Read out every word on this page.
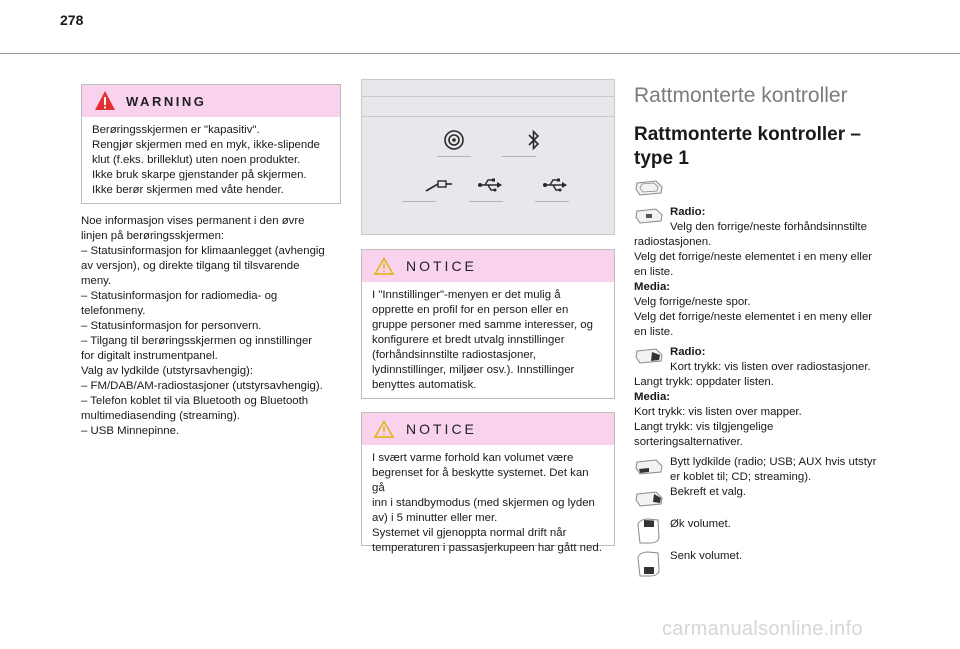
278
WARNING

Berøringsskjermen er "kapasitiv".

Rengjør skjermen med en myk, ikke-slipende

klut (f.eks. brilleklut) uten noen produkter.

Ikke bruk skarpe gjenstander på skjermen.

Ikke berør skjermen med våte hender.

Noe informasjon vises permanent i den øvre

linjen på berøringsskjermen:

– Statusinformasjon for klimaanlegget (avhengig

av versjon), og direkte tilgang til tilsvarende

meny.

– Statusinformasjon for radiomedia- og

telefonmeny.

– Statusinformasjon for personvern.

– Tilgang til berøringsskjermen og innstillinger

for digitalt instrumentpanel.

Valg av lydkilde (utstyrsavhengig):

– FM/DAB/AM-radiostasjoner (utstyrsavhengig).

– Telefon koblet til via Bluetooth og Bluetooth

multimediasending (streaming).

– USB Minnepinne.

NOTICE

I "Innstillinger"-menyen er det mulig å

opprette en profil for en person eller en

gruppe personer med samme interesser, og

konfigurere et bredt utvalg innstillinger

(forhåndsinnstilte radiostasjoner,

lydinnstillinger, miljøer osv.). Innstillinger

benyttes automatisk.

NOTICE

I svært varme forhold kan volumet være

begrenset for å beskytte systemet. Det kan gå

inn i standbymodus (med skjermen og lyden

av) i 5 minutter eller mer.

Systemet vil gjenoppta normal drift når

temperaturen i passasjerkupeen har gått ned.

Rattmonterte kontroller
Rattmonterte kontroller –
type 1

Radio:

Velg den forrige/neste forhåndsinnstilte

radiostasjonen.

Velg det forrige/neste elementet i en meny eller

en liste.

Media:

Velg forrige/neste spor.

Velg det forrige/neste elementet i en meny eller

en liste.

Radio:

Kort trykk: vis listen over radiostasjoner.

Langt trykk: oppdater listen.

Media:

Kort trykk: vis listen over mapper.

Langt trykk: vis tilgjengelige

sorteringsalternativer.

Bytt lydkilde (radio; USB; AUX hvis utstyr

er koblet til; CD; streaming).

Bekreft et valg.

Øk volumet.

Senk volumet.

carmanualsonline.info
